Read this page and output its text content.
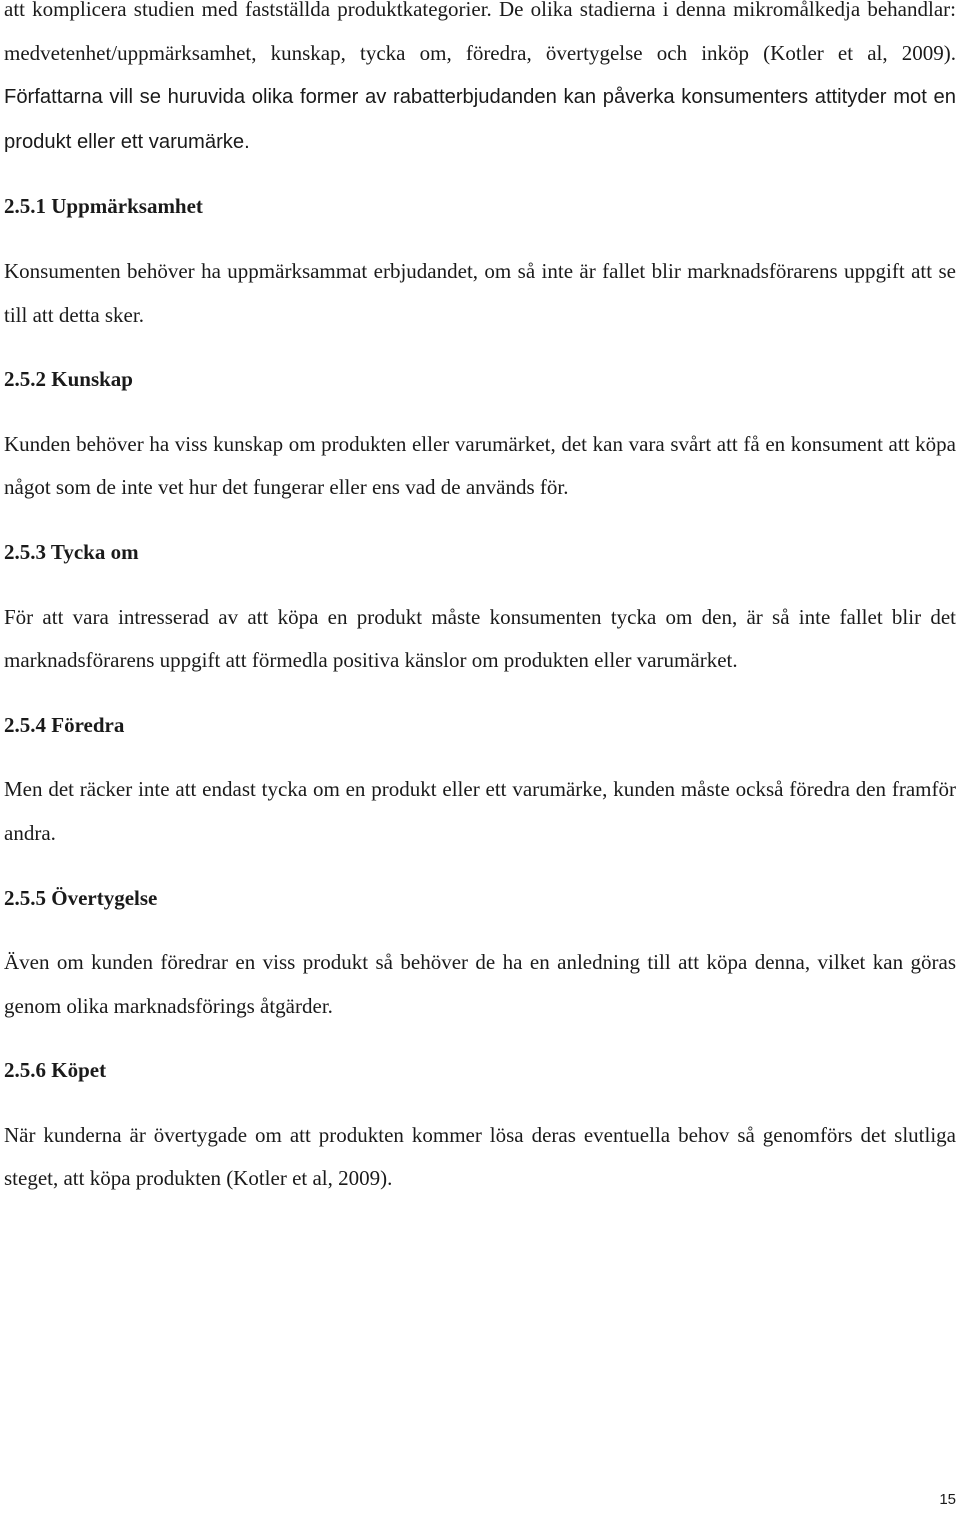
att komplicera studien med fastställda produktkategorier. De olika stadierna i denna mikromålkedja behandlar: medvetenhet/uppmärksamhet, kunskap, tycka om, föredra, övertygelse och inköp (Kotler et al, 2009). Författarna vill se huruvida olika former av rabatterbjudanden kan påverka konsumenters attityder mot en produkt eller ett varumärke.

2.5.1 Uppmärksamhet

Konsumenten behöver ha uppmärksammat erbjudandet, om så inte är fallet blir marknadsförarens uppgift att se till att detta sker.

2.5.2 Kunskap

Kunden behöver ha viss kunskap om produkten eller varumärket, det kan vara svårt att få en konsument att köpa något som de inte vet hur det fungerar eller ens vad de används för.

2.5.3 Tycka om

För att vara intresserad av att köpa en produkt måste konsumenten tycka om den, är så inte fallet blir det marknadsförarens uppgift att förmedla positiva känslor om produkten eller varumärket.

2.5.4 Föredra

Men det räcker inte att endast tycka om en produkt eller ett varumärke, kunden måste också föredra den framför andra.

2.5.5 Övertygelse

Även om kunden föredrar en viss produkt så behöver de ha en anledning till att köpa denna, vilket kan göras genom olika marknadsförings åtgärder.

2.5.6 Köpet

När kunderna är övertygade om att produkten kommer lösa deras eventuella behov så genomförs det slutliga steget, att köpa produkten (Kotler et al, 2009).

15
